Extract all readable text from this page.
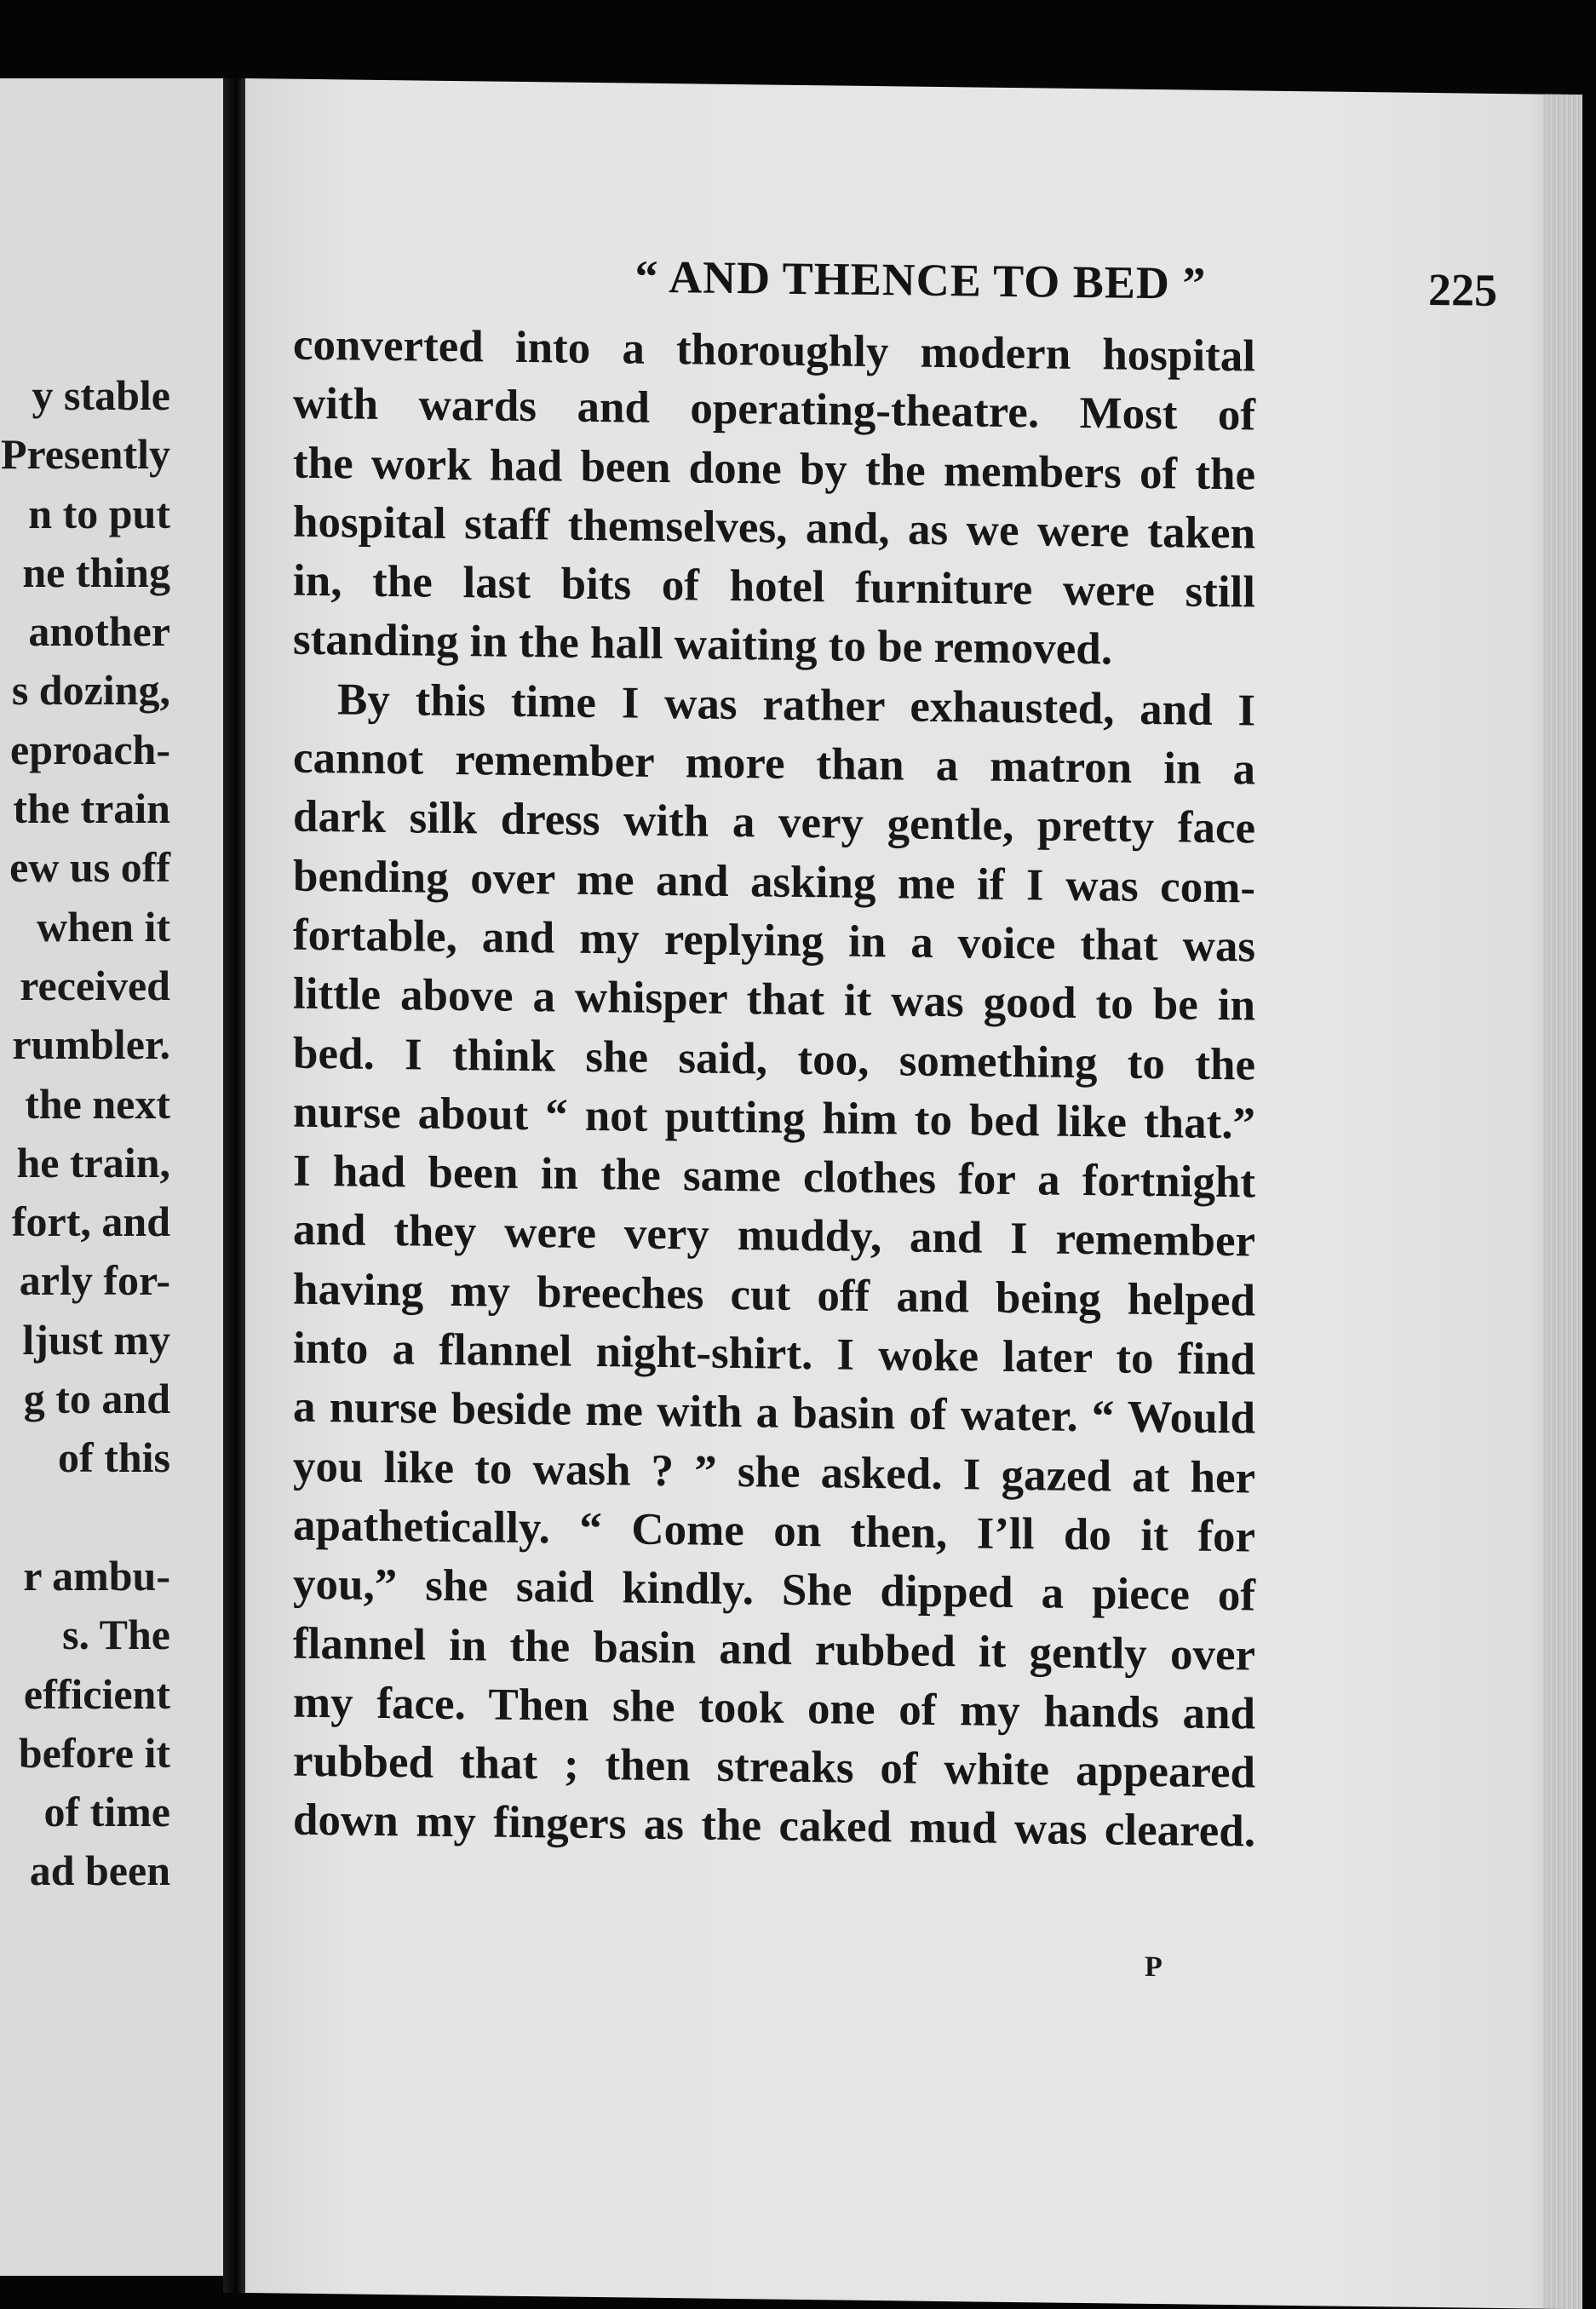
y stable
Presently
n to put
ne thing
another
s dozing,
eproach-
the train
ew us off
when it
received
rumbler.
the next
he train,
fort, and
arly for-
ljust my
g to and
of this
r ambu-
s. The
efficient
before it
of time
ad been
“ AND THENCE TO BED ”	225
converted into a thoroughly modern hospital
with wards and operating-theatre. Most of
the work had been done by the members of the
hospital staff themselves, and, as we were taken
in, the last bits of hotel furniture were still
standing in the hall waiting to be removed.
By this time I was rather exhausted, and I
cannot remember more than a matron in a
dark silk dress with a very gentle, pretty face
bending over me and asking me if I was com-
fortable, and my replying in a voice that was
little above a whisper that it was good to be in
bed. I think she said, too, something to the
nurse about “ not putting him to bed like that.”
I had been in the same clothes for a fortnight
and they were very muddy, and I remember
having my breeches cut off and being helped
into a flannel night-shirt. I woke later to find
a nurse beside me with a basin of water. “ Would
you like to wash ? ” she asked. I gazed at her
apathetically. “ Come on then, I’ll do it for
you,” she said kindly. She dipped a piece of
flannel in the basin and rubbed it gently over
my face. Then she took one of my hands and
rubbed that ; then streaks of white appeared
down my fingers as the caked mud was cleared.
P
